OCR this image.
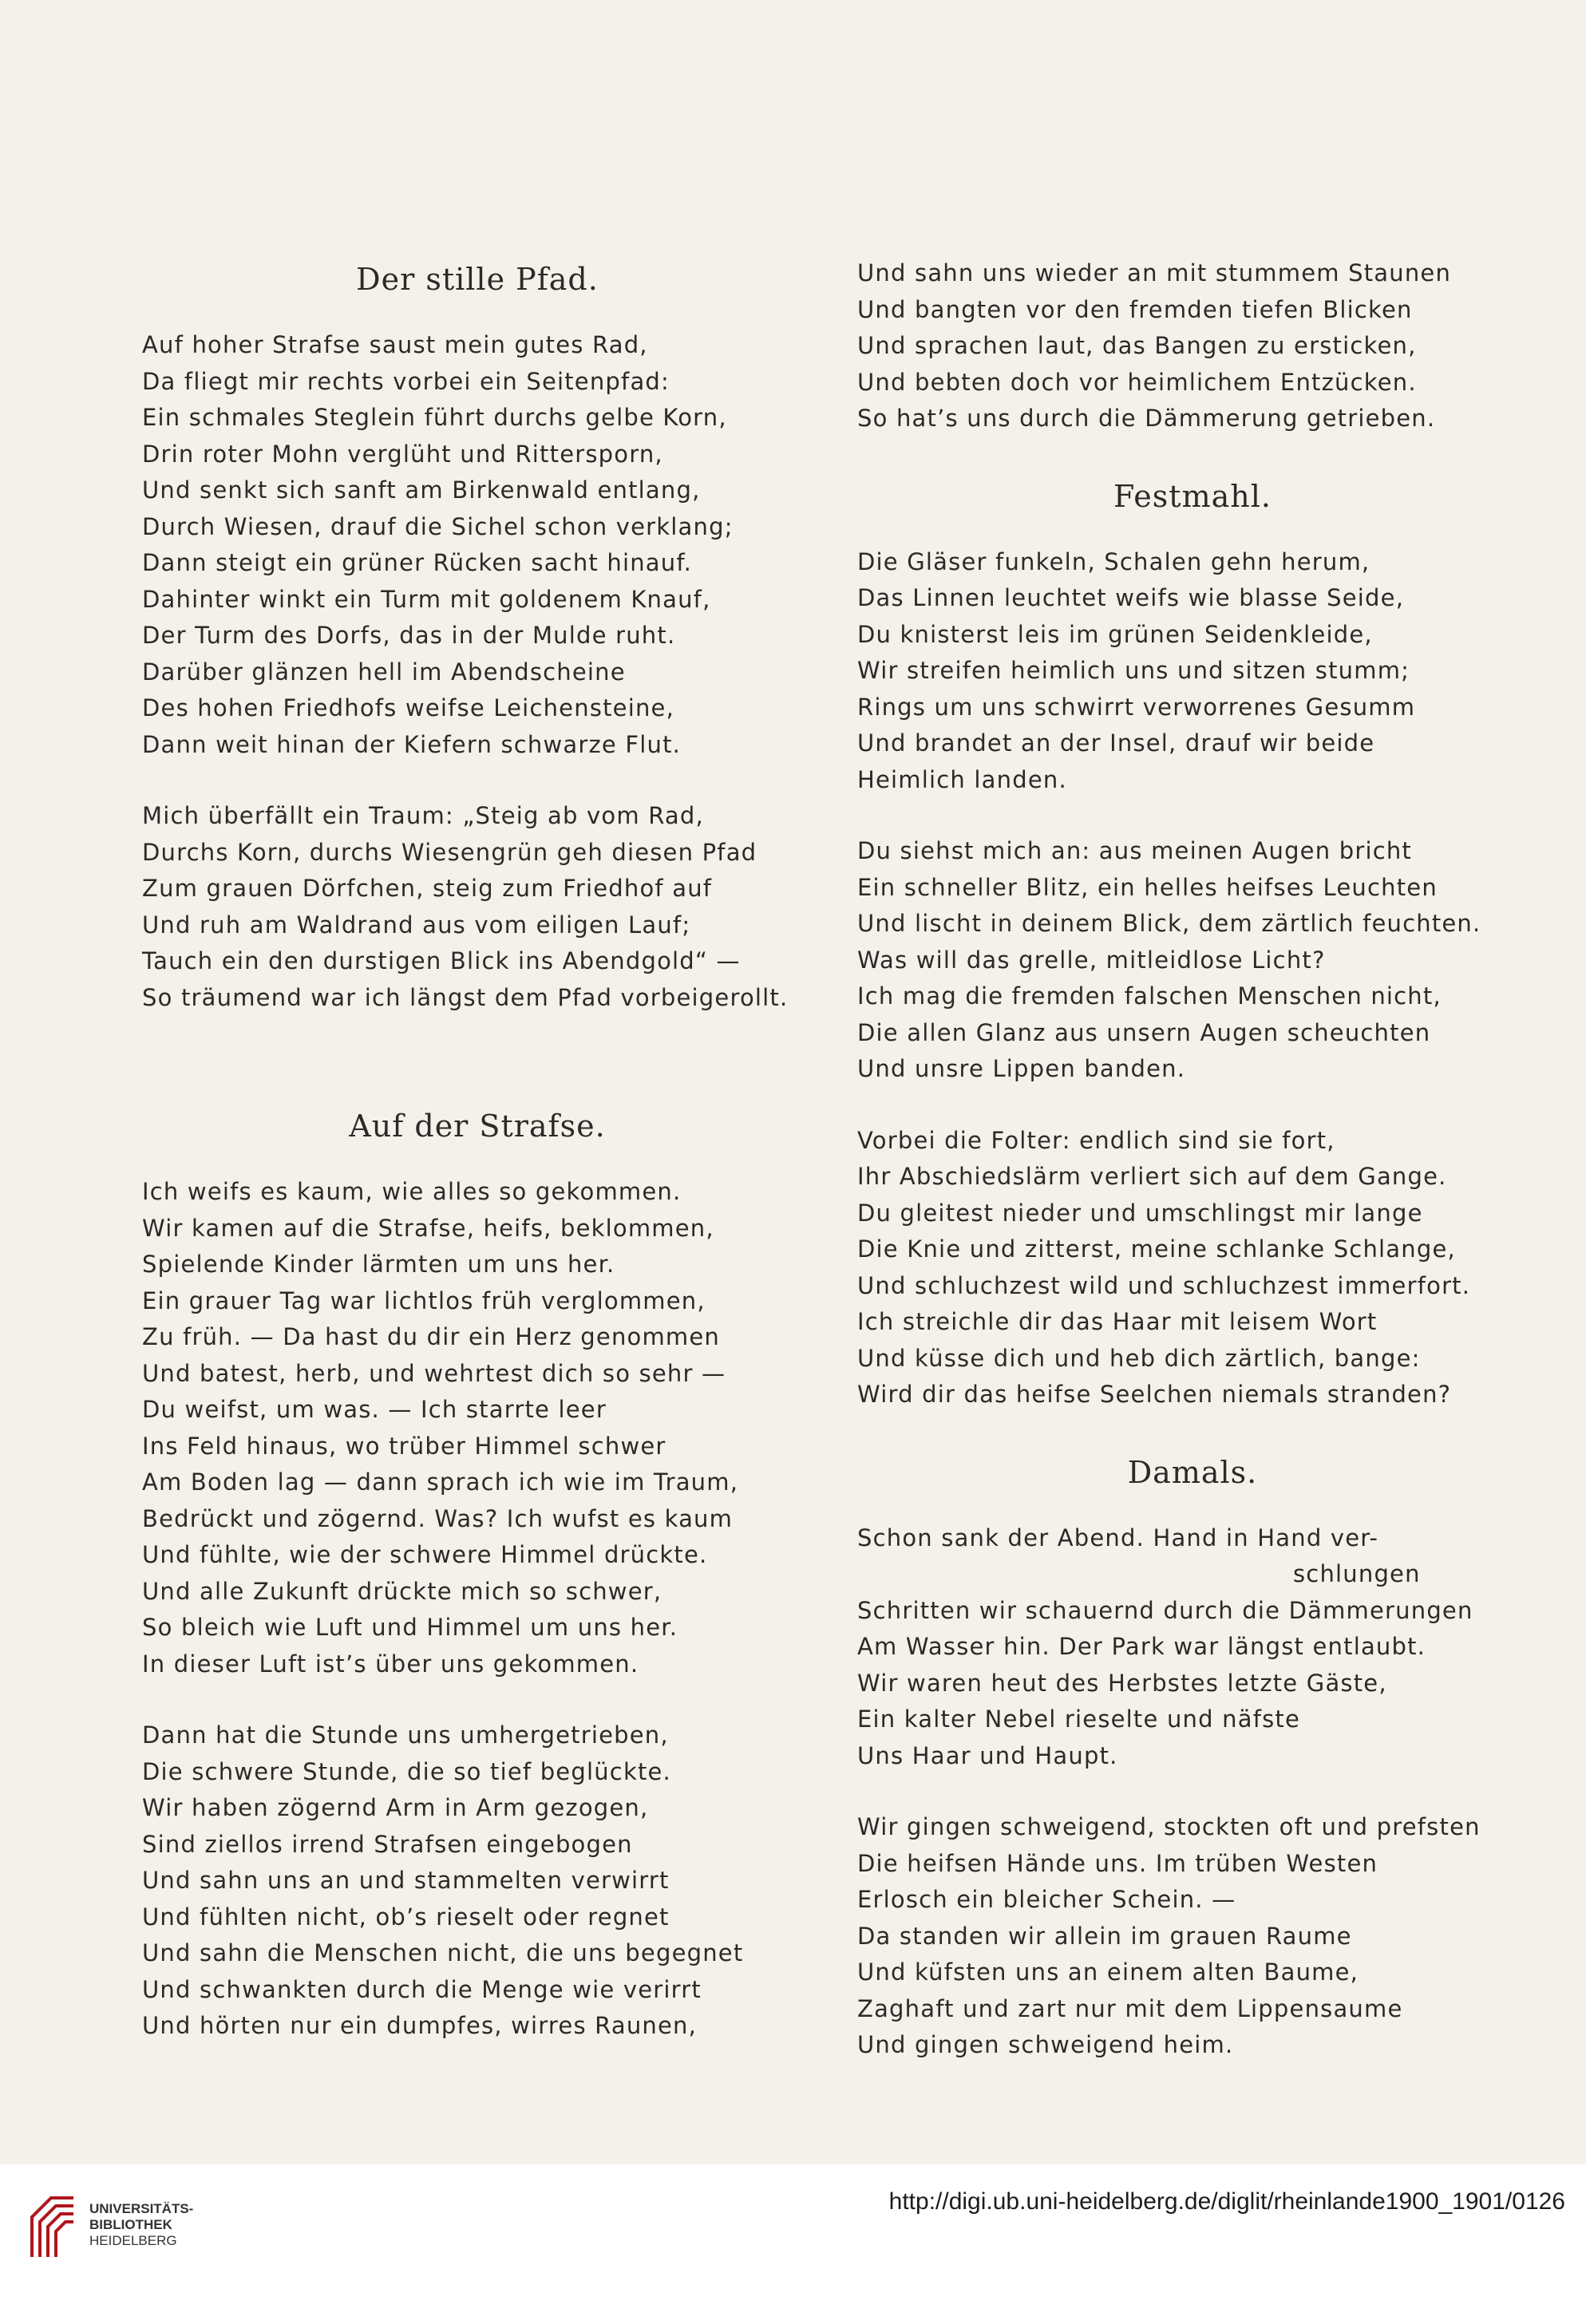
Der stille Pfad.
Auf hoher Strafse saust mein gutes Rad,
Da fliegt mir rechts vorbei ein Seitenpfad:
Ein schmales Steglein führt durchs gelbe Korn,
Drin roter Mohn verglüht und Rittersporn,
Und senkt sich sanft am Birkenwald entlang,
Durch Wiesen, drauf die Sichel schon verklang;
Dann steigt ein grüner Rücken sacht hinauf.
Dahinter winkt ein Turm mit goldenem Knauf,
Der Turm des Dorfs, das in der Mulde ruht.
Darüber glänzen hell im Abendscheine
Des hohen Friedhofs weifse Leichensteine,
Dann weit hinan der Kiefern schwarze Flut.
Mich überfällt ein Traum: „Steig ab vom Rad,
Durchs Korn, durchs Wiesengrün geh diesen Pfad
Zum grauen Dörfchen, steig zum Friedhof auf
Und ruh am Waldrand aus vom eiligen Lauf;
Tauch ein den durstigen Blick ins Abendgold“ —
So träumend war ich längst dem Pfad vorbeigerollt.
Auf der Strafse.
Ich weifs es kaum, wie alles so gekommen.
Wir kamen auf die Strafse, heifs, beklommen,
Spielende Kinder lärmten um uns her.
Ein grauer Tag war lichtlos früh verglommen,
Zu früh. — Da hast du dir ein Herz genommen
Und batest, herb, und wehrtest dich so sehr —
Du weifst, um was. — Ich starrte leer
Ins Feld hinaus, wo trüber Himmel schwer
Am Boden lag — dann sprach ich wie im Traum,
Bedrückt und zögernd. Was? Ich wufst es kaum
Und fühlte, wie der schwere Himmel drückte.
Und alle Zukunft drückte mich so schwer,
So bleich wie Luft und Himmel um uns her.
In dieser Luft ist’s über uns gekommen.
Dann hat die Stunde uns umhergetrieben,
Die schwere Stunde, die so tief beglückte.
Wir haben zögernd Arm in Arm gezogen,
Sind ziellos irrend Strafsen eingebogen
Und sahn uns an und stammelten verwirrt
Und fühlten nicht, ob’s rieselt oder regnet
Und sahn die Menschen nicht, die uns begegnet
Und schwankten durch die Menge wie verirrt
Und hörten nur ein dumpfes, wirres Raunen,
Und sahn uns wieder an mit stummem Staunen
Und bangten vor den fremden tiefen Blicken
Und sprachen laut, das Bangen zu ersticken,
Und bebten doch vor heimlichem Entzücken.
So hat’s uns durch die Dämmerung getrieben.
Festmahl.
Die Gläser funkeln, Schalen gehn herum,
Das Linnen leuchtet weifs wie blasse Seide,
Du knisterst leis im grünen Seidenkleide,
Wir streifen heimlich uns und sitzen stumm;
Rings um uns schwirrt verworrenes Gesumm
Und brandet an der Insel, drauf wir beide
Heimlich landen.
Du siehst mich an: aus meinen Augen bricht
Ein schneller Blitz, ein helles heifses Leuchten
Und lischt in deinem Blick, dem zärtlich feuchten.
Was will das grelle, mitleidlose Licht?
Ich mag die fremden falschen Menschen nicht,
Die allen Glanz aus unsern Augen scheuchten
Und unsre Lippen banden.
Vorbei die Folter: endlich sind sie fort,
Ihr Abschiedslärm verliert sich auf dem Gange.
Du gleitest nieder und umschlingst mir lange
Die Knie und zitterst, meine schlanke Schlange,
Und schluchzest wild und schluchzest immerfort.
Ich streichle dir das Haar mit leisem Wort
Und küsse dich und heb dich zärtlich, bange:
Wird dir das heifse Seelchen niemals stranden?
Damals.
Schon sank der Abend. Hand in Hand ver-
schlungen
Schritten wir schauernd durch die Dämmerungen
Am Wasser hin. Der Park war längst entlaubt.
Wir waren heut des Herbstes letzte Gäste,
Ein kalter Nebel rieselte und näfste
Uns Haar und Haupt.
Wir gingen schweigend, stockten oft und prefsten
Die heifsen Hände uns. Im trüben Westen
Erlosch ein bleicher Schein. —
Da standen wir allein im grauen Raume
Und küfsten uns an einem alten Baume,
Zaghaft und zart nur mit dem Lippensaume
Und gingen schweigend heim.
UNIVERSITÄTS-
BIBLIOTHEK
HEIDELBERG
http://digi.ub.uni-heidelberg.de/diglit/rheinlande1900_1901/0126
